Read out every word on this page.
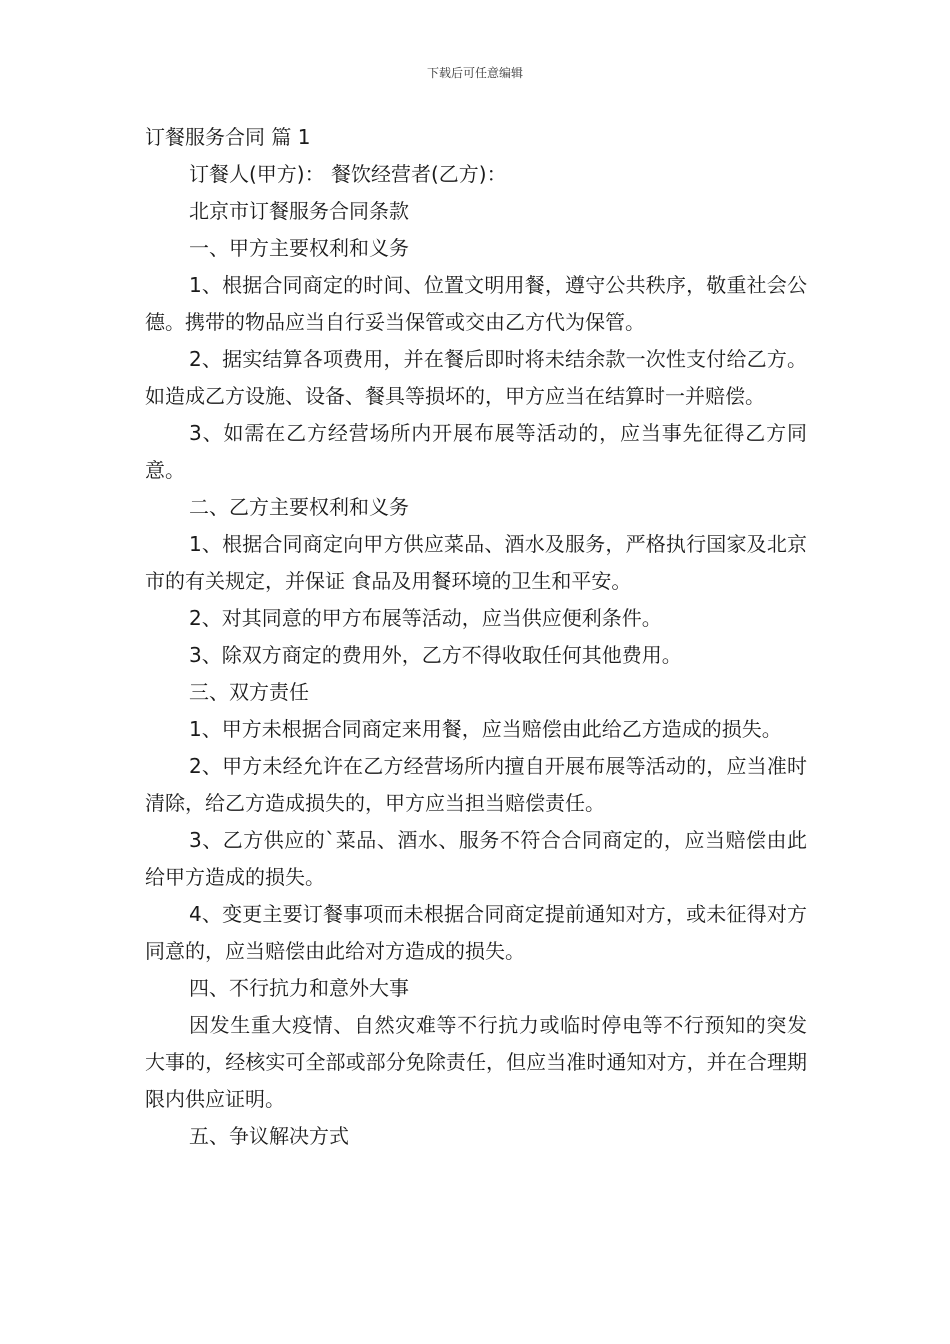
下载后可任意编辑

订餐服务合同 篇 1

订餐人(甲方)： 餐饮经营者(乙方)：

北京市订餐服务合同条款

一、甲方主要权利和义务

1、根据合同商定的时间、位置文明用餐，遵守公共秩序，敬重社会公德。携带的物品应当自行妥当保管或交由乙方代为保管。

2、据实结算各项费用，并在餐后即时将未结余款一次性支付给乙方。如造成乙方设施、设备、餐具等损坏的，甲方应当在结算时一并赔偿。

3、如需在乙方经营场所内开展布展等活动的，应当事先征得乙方同意。

二、乙方主要权利和义务

1、根据合同商定向甲方供应菜品、酒水及服务，严格执行国家及北京市的有关规定，并保证 食品及用餐环境的卫生和平安。

2、对其同意的甲方布展等活动，应当供应便利条件。

3、除双方商定的费用外，乙方不得收取任何其他费用。

三、双方责任

1、甲方未根据合同商定来用餐，应当赔偿由此给乙方造成的损失。

2、甲方未经允许在乙方经营场所内擅自开展布展等活动的，应当准时清除，给乙方造成损失的，甲方应当担当赔偿责任。

3、乙方供应的`菜品、酒水、服务不符合合同商定的，应当赔偿由此给甲方造成的损失。

4、变更主要订餐事项而未根据合同商定提前通知对方，或未征得对方同意的，应当赔偿由此给对方造成的损失。

四、不行抗力和意外大事

因发生重大疫情、自然灾难等不行抗力或临时停电等不行预知的突发大事的，经核实可全部或部分免除责任，但应当准时通知对方，并在合理期限内供应证明。

五、争议解决方式
